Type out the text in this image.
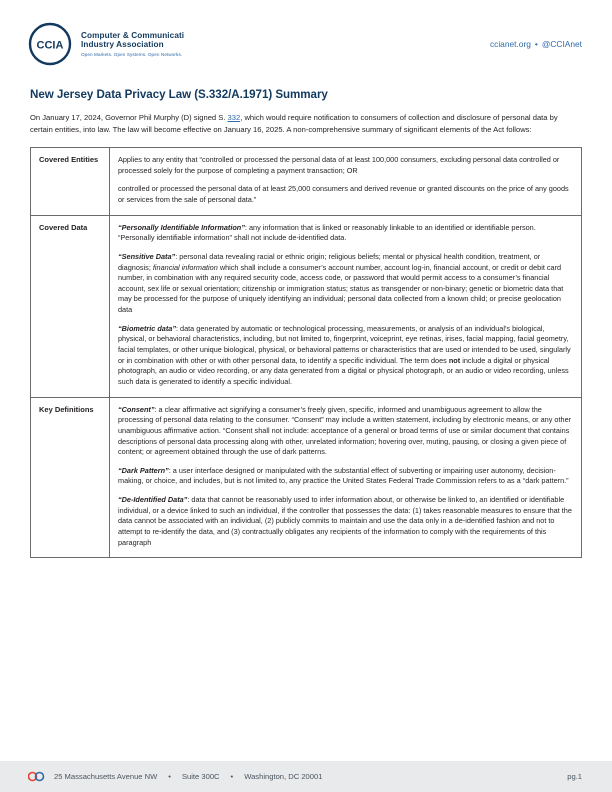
CCIA
Computer & Communicati
Industry Association
Open Markets. Open Systems. Open Networks.
ccianet.org • @CCIAnet
New Jersey Data Privacy Law (S.332/A.1971) Summary
On January 17, 2024, Governor Phil Murphy (D) signed S. 332, which would require notification to consumers of collection and disclosure of personal data by certain entities, into law. The law will become effective on January 16, 2025. A non-comprehensive summary of significant elements of the Act follows:
Covered Entities	Applies to any entity that “controlled or processed the personal data of at least 100,000 consumers, excluding personal data controlled or processed solely for the purpose of completing a payment transaction; OR

controlled or processed the personal data of at least 25,000 consumers and derived revenue or granted discounts on the price of any goods or services from the sale of personal data.”

Covered Data	“Personally Identifiable Information”: any information that is linked or reasonably linkable to an identified or identifiable person. “Personally identifiable information” shall not include de-identified data.

“Sensitive Data”: personal data revealing racial or ethnic origin; religious beliefs; mental or physical health condition, treatment, or diagnosis; financial information which shall include a consumer’s account number, account log-in, financial account, or credit or debit card number, in combination with any required security code, access code, or password that would permit access to a consumer’s financial account, sex life or sexual orientation; citizenship or immigration status; status as transgender or non-binary; genetic or biometric data that may be processed for the purpose of uniquely identifying an individual; personal data collected from a known child; or precise geolocation data

“Biometric data”: data generated by automatic or technological processing, measurements, or analysis of an individual’s biological, physical, or behavioral characteristics, including, but not limited to, fingerprint, voiceprint, eye retinas, irises, facial mapping, facial geometry, facial templates, or other unique biological, physical, or behavioral patterns or characteristics that are used or intended to be used, singularly or in combination with other or with other personal data, to identify a specific individual. The term does not include a digital or physical photograph, an audio or video recording, or any data generated from a digital or physical photograph, or an audio or video recording, unless such data is generated to identify a specific individual.

Key Definitions	“Consent”: a clear affirmative act signifying a consumer’s freely given, specific, informed and unambiguous agreement to allow the processing of personal data relating to the consumer. “Consent” may include a written statement, including by electronic means, or any other unambiguous affirmative action. “Consent shall not include: acceptance of a general or broad terms of use or similar document that contains descriptions of personal data processing along with other, unrelated information; hovering over, muting, pausing, or closing a given piece of content; or agreement obtained through the use of dark patterns.

“Dark Pattern”: a user interface designed or manipulated with the substantial effect of subverting or impairing user autonomy, decision-making, or choice, and includes, but is not limited to, any practice the United States Federal Trade Commission refers to as a “dark pattern.”

“De-Identified Data”: data that cannot be reasonably used to infer information about, or otherwise be linked to, an identified or identifiable individual, or a device linked to such an individual, if the controller that possesses the data: (1) takes reasonable measures to ensure that the data cannot be associated with an individual, (2) publicly commits to maintain and use the data only in a de-identified fashion and not to attempt to re-identify the data, and (3) contractually obligates any recipients of the information to comply with the requirements of this paragraph

25 Massachusetts Avenue NW • Suite 300C • Washington, DC 20001	pg.1
